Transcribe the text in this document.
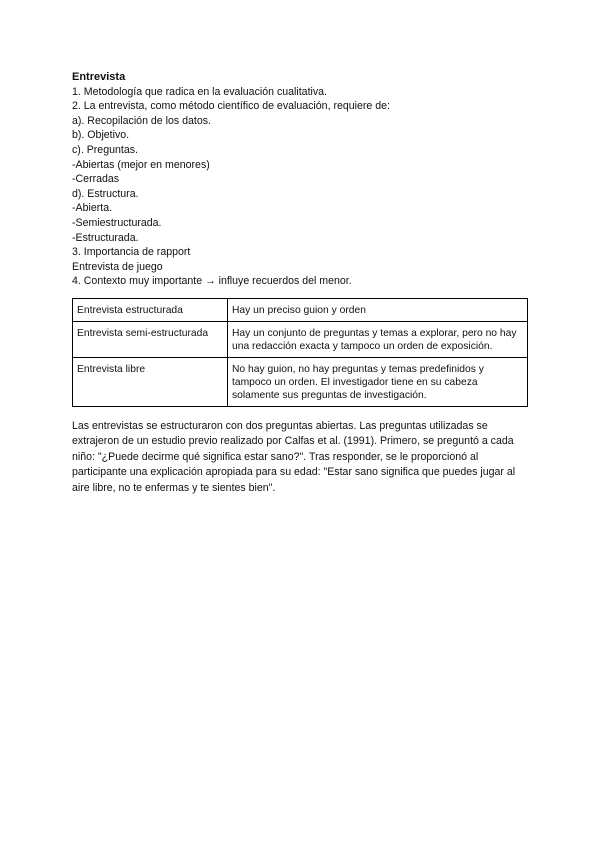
Entrevista
1. Metodología que radica en la evaluación cualitativa.
2. La entrevista, como método científico de evaluación, requiere de:
a). Recopilación de los datos.
b). Objetivo.
c). Preguntas.
-Abiertas (mejor en menores)
-Cerradas
d). Estructura.
-Abierta.
-Semiestructurada.
-Estructurada.
3. Importancia de rapport
Entrevista de juego
4. Contexto muy importante → influye recuerdos del menor.
Entrevista estructurada	Hay un preciso guion y orden
Entrevista semi-estructurada	Hay un conjunto de preguntas y temas a explorar, pero no hay una redacción exacta y tampoco un orden de exposición.
Entrevista libre	No hay guion, no hay preguntas y temas predefinidos y tampoco un orden. El investigador tiene en su cabeza solamente sus preguntas de investigación.
Las entrevistas se estructuraron con dos preguntas abiertas. Las preguntas utilizadas se extrajeron de un estudio previo realizado por Calfas et al. (1991). Primero, se preguntó a cada niño: "¿Puede decirme qué significa estar sano?". Tras responder, se le proporcionó al participante una explicación apropiada para su edad: "Estar sano significa que puedes jugar al aire libre, no te enfermas y te sientes bien".
